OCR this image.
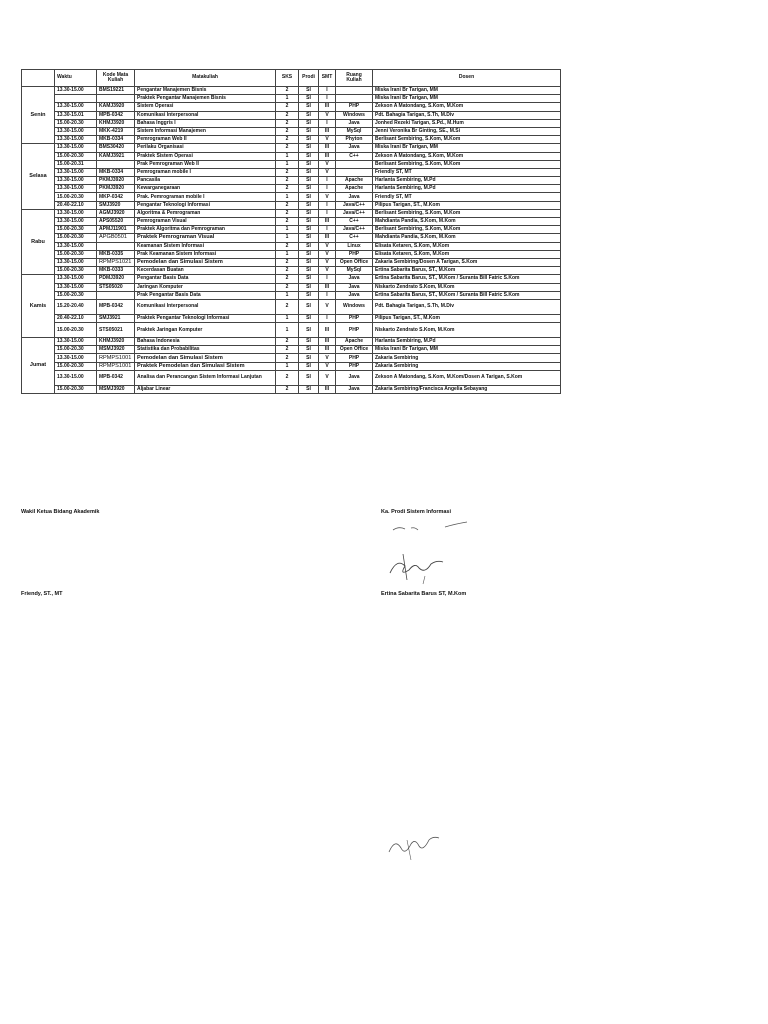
	Waktu	Kode Mata Kuliah	Matakuliah	SKS	Prodi	SMT	Ruang Kuliah	Dosen
Senin	13.30-15.00	BMS19221	Pengantar Manajemen Bisnis	2	SI	I		Miska Irani Br Tarigan, MM
			Praktek Pengantar Manajemen Bisnis	1	SI	I		Miska Irani Br Tarigan, MM
	13.30-15.00	KAMJ3920	Sistem Operasi	2	SI	III	PHP	Zekson A Matondang, S.Kom, M.Kom
	13.30-15.01	MPB-0342	Komunikasi Interpersonal	2	SI	V	Windows	Pdt. Bahagia Tarigan, S.Th, M.Div
	15.00-20.30	KHMJ3920	Bahasa Inggris I	2	SI	I	Java	Jonhed Rezeki Tarigan, S.Pd., M.Hum
	13.30-15.00	MKK-4219	Sistem Informasi Manajemen	2	SI	III	MySql	Jenni Veronika Br Ginting, SE., M.Si
	13.30-15.00	MKB-0334	Pemrograman Web II	2	SI	V	Phyton	Berlisant Sembiring, S.Kom, M.Kom
Selasa	13.30-15.00	BMS30420	Perilaku Organisasi	2	SI	III	Java	Miska Irani Br Tarigan, MM
	15.00-20.30	KAMJ3921	Praktek Sistem Operasi	1	SI	III	C++	Zekson A Matondang, S.Kom, M.Kom
	15.00-20.31		Prak Pemrograman Web II	1	SI	V		Berlisant Sembiring, S.Kom, M.Kom
	13.30-15.00	MKB-0334	Pemrograman mobile I	2	SI	V		Friendly ST, MT
	13.30-15.00	PKMJ3920	Pancasila	2	SI	I	Apache	Harlanta Sembiring, M.Pd
	13.30-15.00	PKMJ3920	Kewarganegaraan	2	SI	I	Apache	Harlanta Sembiring, M.Pd
	15.00-20.30	MKP-0342	Prak. Pemrograman mobile I	1	SI	V	Java	Friendly ST, MT
	20.40-22.10	SMJ3920	Pengantar Teknologi Informasi	2	SI	I	Java/C++	Pilipus Tarigan, ST., M.Kom
Rabu	13.30-15.00	AGMJ3920	Algoritma & Pemrograman	2	SI	I	Java/C++	Berlisant Sembiring, S.Kom, M.Kom
	13.30-15.00	APS05520	Pemrograman Visual	2	SI	III	C++	Mahdianta Pandia, S.Kom, M.Kom
	15.00-20.30	APMJ11901	Praktek Algoritma dan Pemrograman	1	SI	I	Java/C++	Berlisant Sembiring, S.Kom, M.Kom
	15.00-20.30	APGB0501	Praktek Pemrograman Visual	1	SI	III	C++	Mahdianta Pandia, S.Kom, M.Kom
	13.30-15.00		Keamanan Sistem Informasi	2	SI	V	Linux	Elisata Ketaren, S.Kom, M.Kom
	15.00-20.30	MKB-0335	Prak Keamanan Sistem Informasi	1	SI	V	PHP	Elisata Ketaren, S.Kom, M.Kom
	13.30-15.00	RPMPS1021	Pemodelan dan Simulasi Sistem	2	SI	V	Open Office	Zakaria Sembiring/Dosen A Tarigan, S.Kom
	15.00-20.30	MKB-0333	Kecerdasan Buatan	2	SI	V	MySql	Ertina Sabarita Barus, ST., M.Kom
Kamis	13.30-15.00	PDMJ3920	Pengantar Basis Data	2	SI	I	Java	Ertina Sabarita Barus, ST., M.Kom / Suranta Bill Fatric S.Kom
	13.30-15.00	STS05020	Jaringan Komputer	2	SI	III	Java	Niskarto Zendrato S.Kom, M.Kom
	15.00-20.30		Prak Pengantar Basis Data	1	SI	I	Java	Ertina Sabarita Barus, ST., M.Kom / Suranta Bill Fatric S.Kom
	15.20-20.40	MPB-0342	Komunikasi Interpersonal	2	SI	V	Windows	Pdt. Bahagia Tarigan, S.Th, M.Div
	20.40-22.10	SMJ3921	Praktek Pengantar Teknologi Informasi	1	SI	I	PHP	Pilipus Tarigan, ST., M.Kom
	15.00-20.30	STS05021	Praktek Jaringan Komputer	1	SI	III	PHP	Niskarto Zendrato S.Kom, M.Kom
Jumat	13.30-15.00	KHMJ3920	Bahasa Indonesia	2	SI	III	Apache	Harlanta Sembiring, M.Pd
	15.00-20.30	MSMJ3920	Statistika dan Probabilitas	2	SI	III	Open Office	Miska Irani Br Tarigan, MM
	13.30-15.00	RPMPS1001	Pemodelan dan Simulasi Sistem	2	SI	V	PHP	Zakaria Sembiring
	15.00-20.30	RPMPS1001	Praktek Pemodelan dan Simulasi Sistem	1	SI	V	PHP	Zakaria Sembiring
	13.30-15.00	MPB-0342	Analisa dan Perancangan Sistem Informasi Lanjutan	2	SI	V	Java	Zekson A Matondang, S.Kom, M.Kom/Dosen A Tarigan, S.Kom
	15.00-20.30	MSMJ3920	Aljabar Linear	2	SI	III	Java	Zakaria Sembiring/Francisca Angelia Sebayang
Wakil Ketua Bidang Akademik
Friendy, ST., MT
Ka. Prodi Sistem Informasi
Ertina Sabarita Barus ST, M.Kom
